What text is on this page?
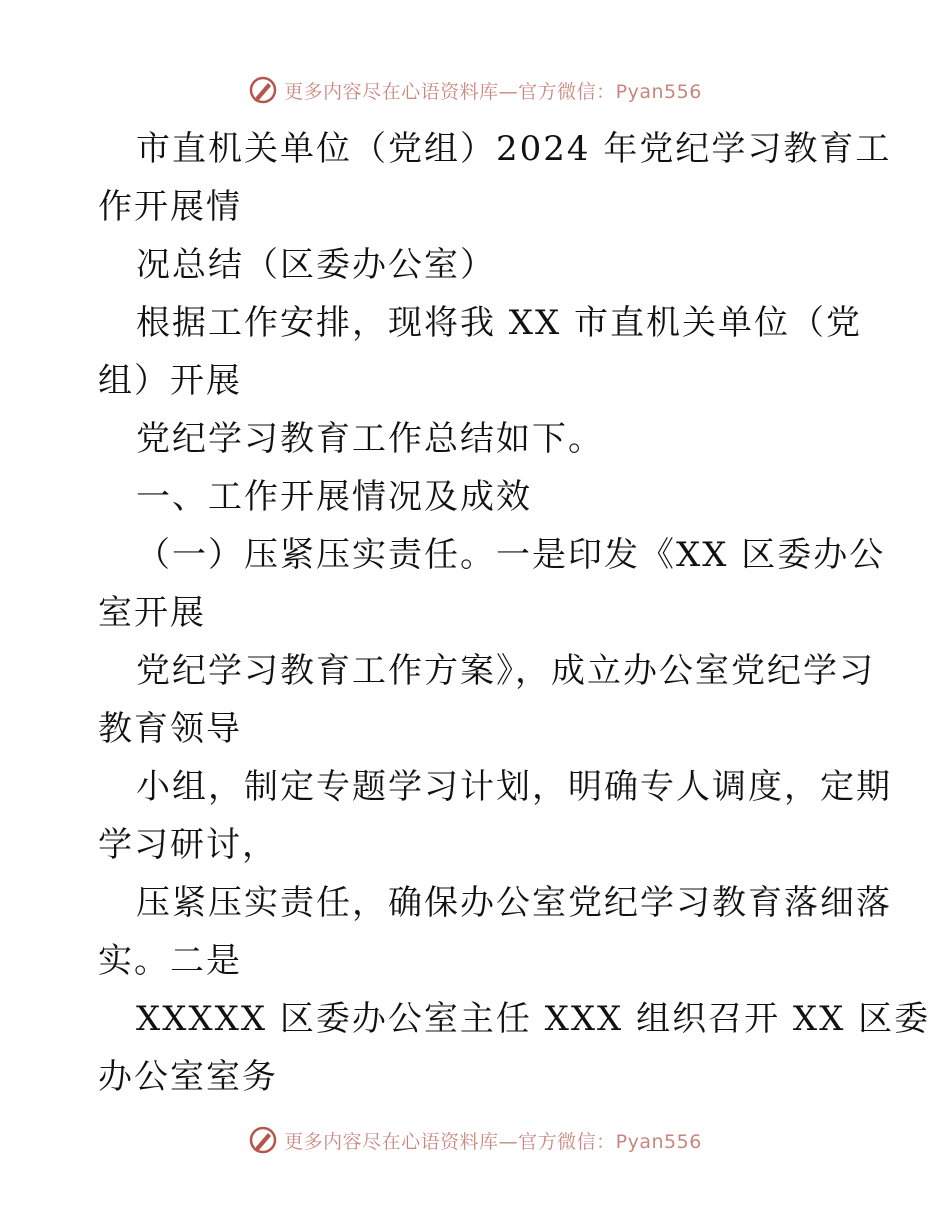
更多内容尽在心语资料库—官方微信：Pyan556
市直机关单位（党组）2024 年党纪学习教育工
作开展情
况总结（区委办公室）
根据工作安排，现将我 XX 市直机关单位（党
组）开展
党纪学习教育工作总结如下。
一、工作开展情况及成效
（一）压紧压实责任。一是印发《XX 区委办公
室开展
党纪学习教育工作方案》，成立办公室党纪学习
教育领导
小组，制定专题学习计划，明确专人调度，定期
学习研讨，
压紧压实责任，确保办公室党纪学习教育落细落
实。二是
XXXXX 区委办公室主任 XXX 组织召开 XX 区委
办公室室务
更多内容尽在心语资料库—官方微信：Pyan556
